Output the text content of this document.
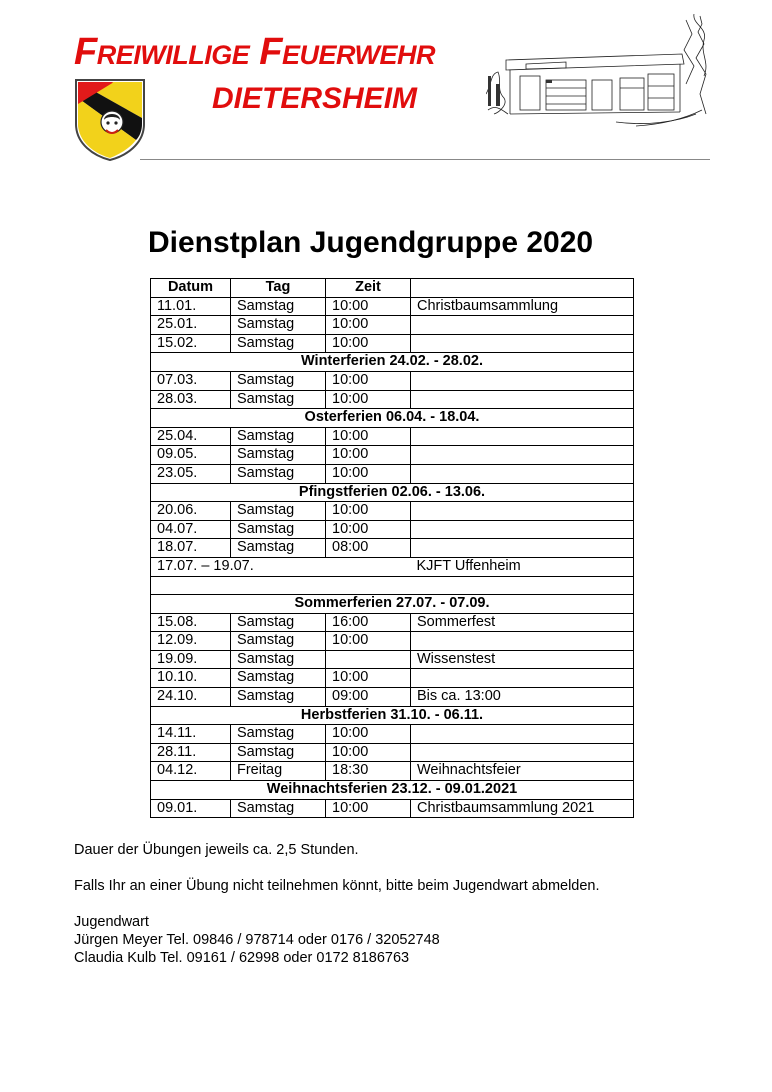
Freiwillige Feuerwehr
DIETERSHEIM
Dienstplan Jugendgruppe 2020
Datum	Tag	Zeit	
11.01.	Samstag	10:00	Christbaumsammlung
25.01.	Samstag	10:00	
15.02.	Samstag	10:00	
Winterferien 24.02. - 28.02.			
07.03.	Samstag	10:00	
28.03.	Samstag	10:00	
Osterferien 06.04. - 18.04.			
25.04.	Samstag	10:00	
09.05.	Samstag	10:00	
23.05.	Samstag	10:00	
Pfingstferien 02.06. - 13.06.			
20.06.	Samstag	10:00	
04.07.	Samstag	10:00	
18.07.	Samstag	08:00	
17.07. – 19.07.			KJFT Uffenheim

Sommerferien 27.07. - 07.09.			
15.08.	Samstag	16:00	Sommerfest
12.09.	Samstag	10:00	
19.09.	Samstag		Wissenstest
10.10.	Samstag	10:00	
24.10.	Samstag	09:00	Bis ca. 13:00
Herbstferien 31.10. - 06.11.			
14.11.	Samstag	10:00	
28.11.	Samstag	10:00	
04.12.	Freitag	18:30	Weihnachtsfeier
Weihnachtsferien 23.12. - 09.01.2021			
09.01.	Samstag	10:00	Christbaumsammlung 2021

Dauer der Übungen jeweils ca. 2,5 Stunden.

Falls Ihr an einer Übung nicht teilnehmen könnt, bitte beim Jugendwart abmelden.

Jugendwart

Jürgen Meyer Tel. 09846 / 978714 oder 0176 / 32052748

Claudia Kulb Tel. 09161 / 62998 oder 0172 8186763
